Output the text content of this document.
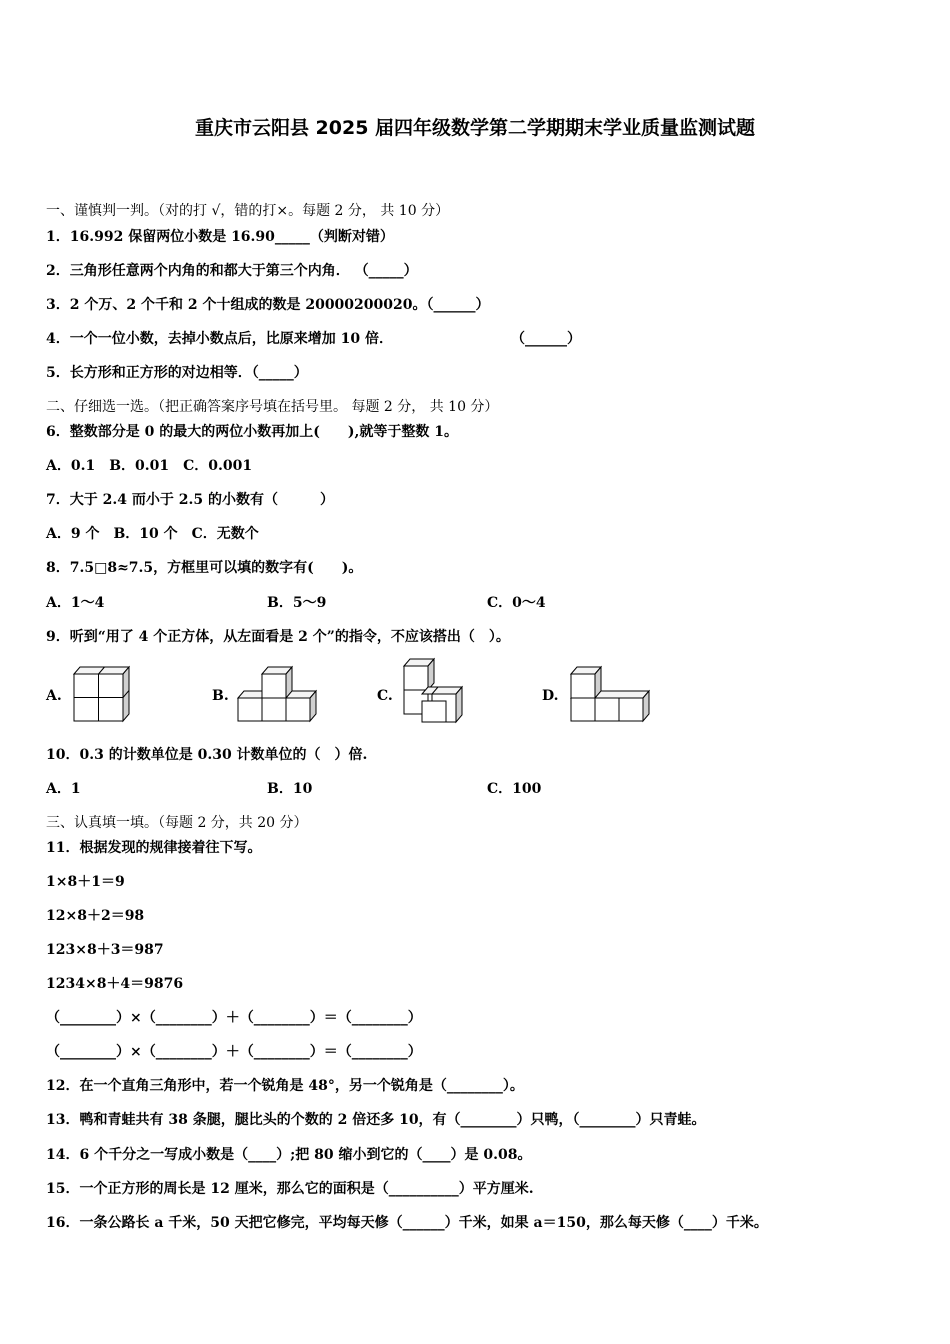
重庆市云阳县 2025 届四年级数学第二学期期末学业质量监测试题
一、谨慎判一判。（对的打 √，错的打×。每题 2 分， 共 10 分）
1．16.992 保留两位小数是 16.90_____（判断对错）
2．三角形任意两个内角的和都大于第三个内角． （_____）
3．2 个万、2 个千和 2 个十组成的数是 20000200020。（______）
4．一个一位小数，去掉小数点后，比原来增加 10 倍．	（______）
5．长方形和正方形的对边相等．（_____）
二、仔细选一选。（把正确答案序号填在括号里。 每题 2 分， 共 10 分）
6．整数部分是 0 的最大的两位小数再加上(　　),就等于整数 1。
A．0.1　B．0.01　C．0.001
7．大于 2.4 而小于 2.5 的小数有（　　　）
A．9 个　B．10 个　C．无数个
8．7.5□8≈7.5，方框里可以填的数字有(　　)。
A．1～4	B．5～9	C．0～4
9．听到“用了 4 个正方体，从左面看是 2 个”的指令，不应该搭出（　）。
A.	B.	C.	D.
10．0.3 的计数单位是 0.30 计数单位的（　）倍.
A．1	B．10	C．100
三、认真填一填。（每题 2 分，共 20 分）
11．根据发现的规律接着往下写。
1×8＋1＝9
12×8＋2＝98
123×8＋3＝987
1234×8＋4＝9876
（________）×（________）＋（________）＝（________）
（________）×（________）＋（________）＝（________）
12．在一个直角三角形中，若一个锐角是 48°，另一个锐角是（________）。
13．鸭和青蛙共有 38 条腿，腿比头的个数的 2 倍还多 10，有（________）只鸭，（________）只青蛙。
14．6 个千分之一写成小数是（____）;把 80 缩小到它的（____）是 0.08。
15．一个正方形的周长是 12 厘米，那么它的面积是（__________）平方厘米.
16．一条公路长 a 千米，50 天把它修完，平均每天修（______）千米，如果 a＝150，那么每天修（____）千米。
